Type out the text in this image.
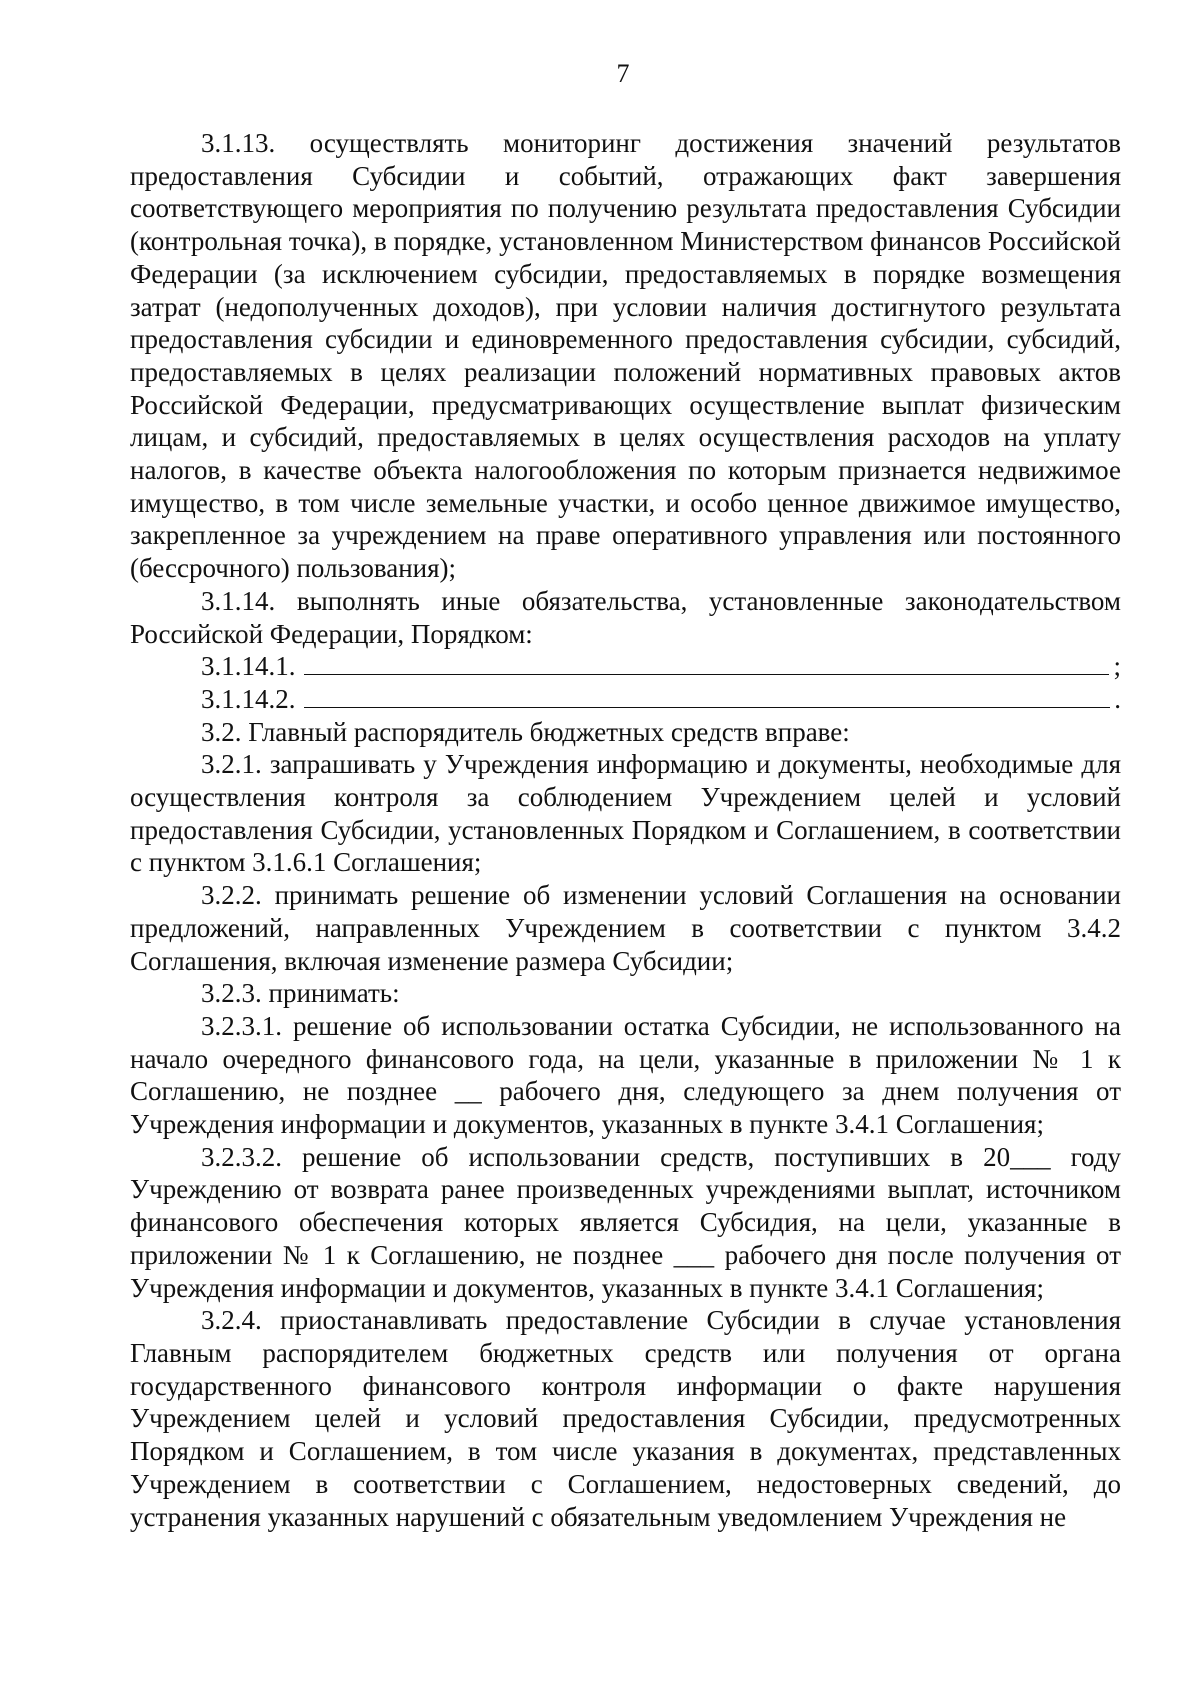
7

3.1.13. осуществлять мониторинг достижения значений результатов предоставления Субсидии и событий, отражающих факт завершения соответствующего мероприятия по получению результата предоставления Субсидии (контрольная точка), в порядке, установленном Министерством финансов Российской Федерации (за исключением субсидии, предоставляемых в порядке возмещения затрат (недополученных доходов), при условии наличия достигнутого результата предоставления субсидии и единовременного предоставления субсидии, субсидий, предоставляемых в целях реализации положений нормативных правовых актов Российской Федерации, предусматривающих осуществление выплат физическим лицам, и субсидий, предоставляемых в целях осуществления расходов на уплату налогов, в качестве объекта налогообложения по которым признается недвижимое имущество, в том числе земельные участки, и особо ценное движимое имущество, закрепленное за учреждением на праве оперативного управления или постоянного (бессрочного) пользования);

3.1.14. выполнять иные обязательства, установленные законодательством Российской Федерации, Порядком:

3.1.14.1.	;
3.1.14.2.	.

3.2. Главный распорядитель бюджетных средств вправе:

3.2.1. запрашивать у Учреждения информацию и документы, необходимые для осуществления контроля за соблюдением Учреждением целей и условий предоставления Субсидии, установленных Порядком и Соглашением, в соответствии с пунктом 3.1.6.1 Соглашения;

3.2.2. принимать решение об изменении условий Соглашения на основании предложений, направленных Учреждением в соответствии с пунктом 3.4.2 Соглашения, включая изменение размера Субсидии;

3.2.3. принимать:

3.2.3.1. решение об использовании остатка Субсидии, не использованного на начало очередного финансового года, на цели, указанные в приложении № 1 к Соглашению, не позднее __ рабочего дня, следующего за днем получения от Учреждения информации и документов, указанных в пункте 3.4.1 Соглашения;

3.2.3.2. решение об использовании средств, поступивших в 20___ году Учреждению от возврата ранее произведенных учреждениями выплат, источником финансового обеспечения которых является Субсидия, на цели, указанные в приложении № 1 к Соглашению, не позднее ___ рабочего дня после получения от Учреждения информации и документов, указанных в пункте 3.4.1 Соглашения;

3.2.4. приостанавливать предоставление Субсидии в случае установления Главным распорядителем бюджетных средств или получения от органа государственного финансового контроля информации о факте нарушения Учреждением целей и условий предоставления Субсидии, предусмотренных Порядком и Соглашением, в том числе указания в документах, представленных Учреждением в соответствии с Соглашением, недостоверных сведений, до устранения указанных нарушений с обязательным уведомлением Учреждения не
